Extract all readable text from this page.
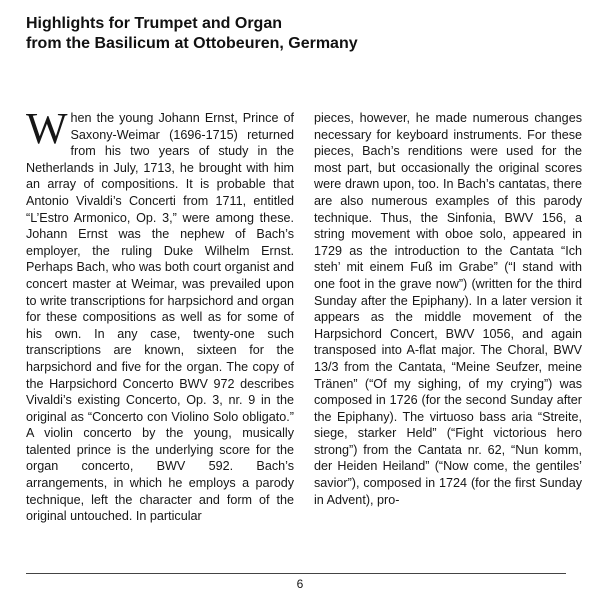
Highlights for Trumpet and Organ
from the Basilicum at Ottobeuren, Germany
W hen the young Johann Ernst, Prince of Saxony-Weimar (1696-1715) returned from his two years of study in the Netherlands in July, 1713, he brought with him an array of compositions. It is probable that Antonio Vivaldi’s Concerti from 1711, entitled “L’Estro Armonico, Op. 3,” were among these. Johann Ernst was the nephew of Bach’s employer, the ruling Duke Wilhelm Ernst. Perhaps Bach, who was both court organist and concert master at Weimar, was prevailed upon to write transcriptions for harpsichord and organ for these compositions as well as for some of his own. In any case, twenty-one such transcriptions are known, sixteen for the harpsichord and five for the organ. The copy of the Harpsichord Concerto BWV 972 describes Vivaldi’s existing Concerto, Op. 3, nr. 9 in the original as “Concerto con Violino Solo obligato.” A violin concerto by the young, musically talented prince is the underlying score for the organ concerto, BWV 592. Bach’s arrangements, in which he employs a parody technique, left the character and form of the original untouched. In particular

pieces, however, he made numerous changes necessary for keyboard instruments. For these pieces, Bach’s renditions were used for the most part, but occasionally the original scores were drawn upon, too. In Bach’s cantatas, there are also numerous examples of this parody technique. Thus, the Sinfonia, BWV 156, a string movement with oboe solo, appeared in 1729 as the introduction to the Cantata “Ich steh’ mit einem Fuß im Grabe” (“I stand with one foot in the grave now”) (written for the third Sunday after the Epiphany). In a later version it appears as the middle movement of the Harpsichord Concert, BWV 1056, and again transposed into A-flat major. The Choral, BWV 13/3 from the Cantata, “Meine Seufzer, meine Tränen” (“Of my sighing, of my crying”) was composed in 1726 (for the second Sunday after the Epiphany). The virtuoso bass aria “Streite, siege, starker Held” (“Fight victorious hero strong”) from the Cantata nr. 62, “Nun komm, der Heiden Heiland” (“Now come, the gentiles’ savior”), composed in 1724 (for the first Sunday in Advent), pro-

6
